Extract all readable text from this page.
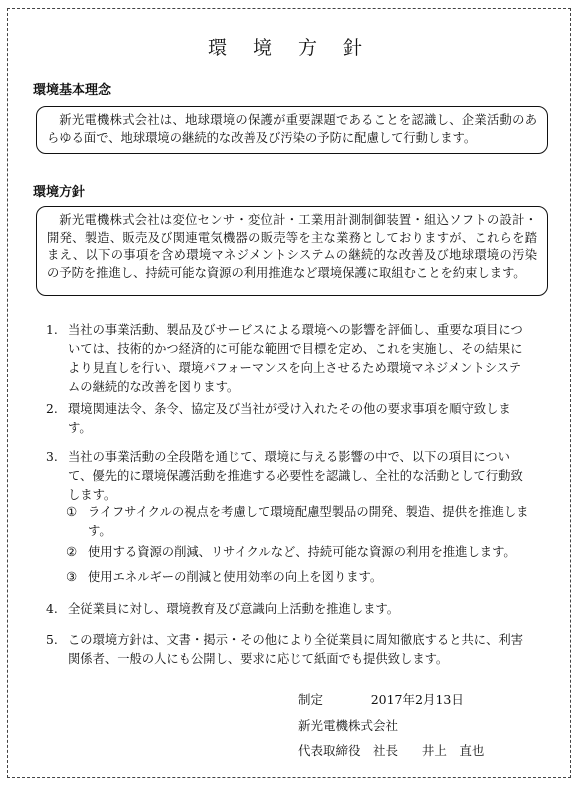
環 境 方 針
環境基本理念
新光電機株式会社は、地球環境の保護が重要課題であることを認識し、企業活動のあらゆる面で、地球環境の継続的な改善及び汚染の予防に配慮して行動します。
環境方針
新光電機株式会社は変位センサ・変位計・工業用計測制御装置・組込ソフトの設計・開発、製造、販売及び関連電気機器の販売等を主な業務としておりますが、これらを踏まえ、以下の事項を含め環境マネジメントシステムの継続的な改善及び地球環境の汚染の予防を推進し、持続可能な資源の利用推進など環境保護に取組むことを約束します。
1. 当社の事業活動、製品及びサービスによる環境への影響を評価し、重要な項目については、技術的かつ経済的に可能な範囲で目標を定め、これを実施し、その結果により見直しを行い、環境パフォーマンスを向上させるため環境マネジメントシステムの継続的な改善を図ります。
2. 環境関連法令、条令、協定及び当社が受け入れたその他の要求事項を順守致します。
3. 当社の事業活動の全段階を通じて、環境に与える影響の中で、以下の項目について、優先的に環境保護活動を推進する必要性を認識し、全社的な活動として行動致します。
① ライフサイクルの視点を考慮して環境配慮型製品の開発、製造、提供を推進します。
② 使用する資源の削減、リサイクルなど、持続可能な資源の利用を推進します。
③ 使用エネルギーの削減と使用効率の向上を図ります。
4. 全従業員に対し、環境教育及び意識向上活動を推進します。
5. この環境方針は、文書・掲示・その他により全従業員に周知徹底すると共に、利害関係者、一般の人にも公開し、要求に応じて紙面でも提供致します。
制定	2017年2月13日
新光電機株式会社
代表取締役　社長 井上　直也
